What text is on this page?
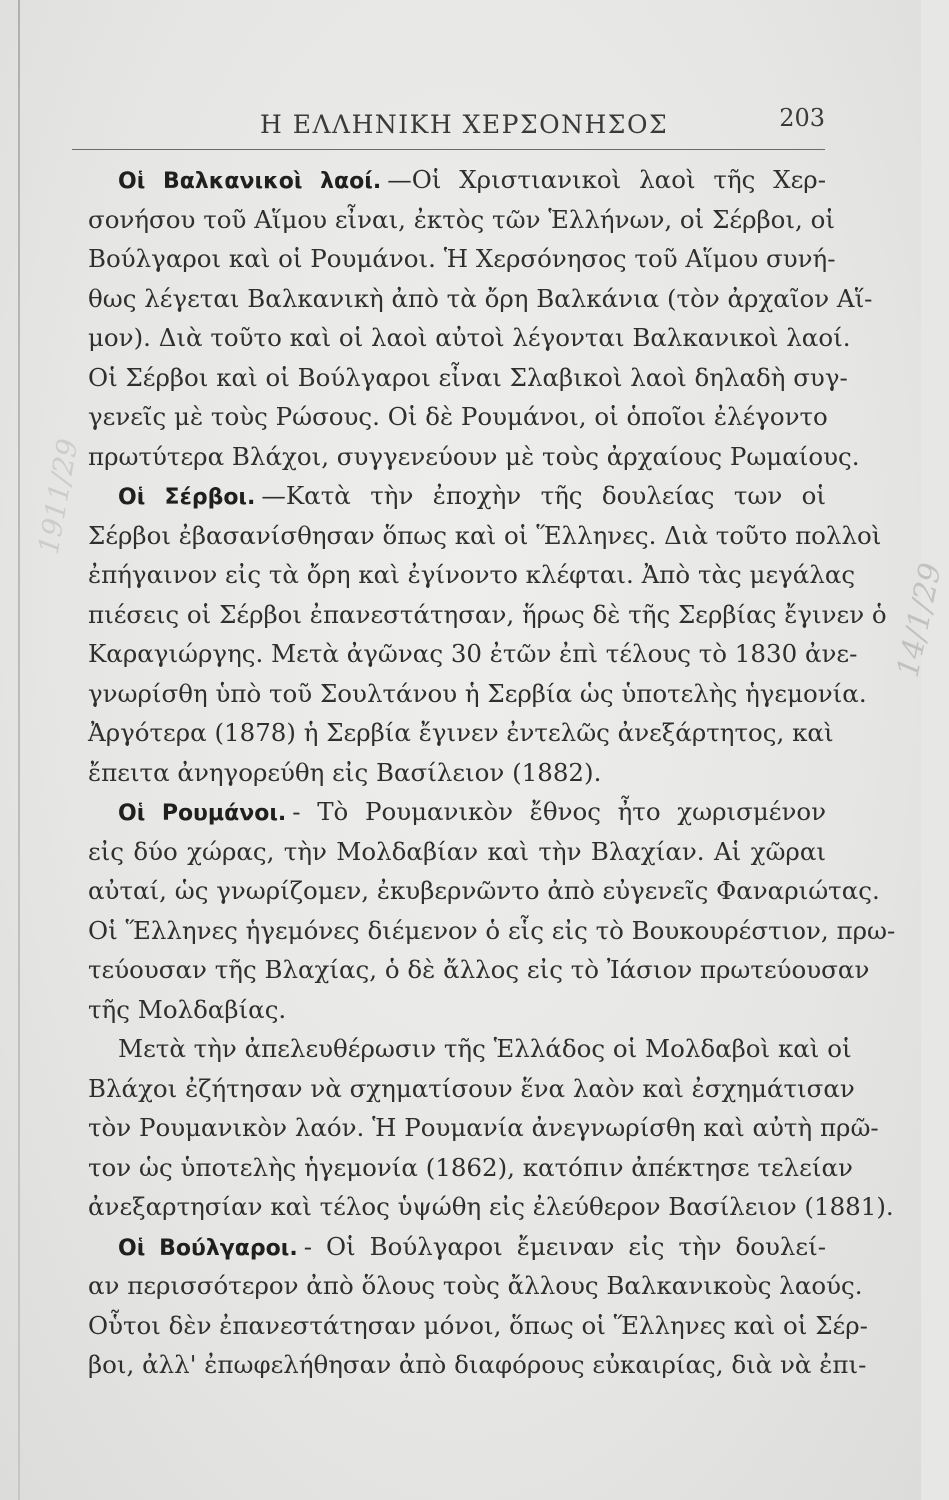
Η ΕΛΛΗΝΙΚΗ ΧΕΡΣΟΝΗΣΟΣ	203
14/1/29
1911/29
Οἱ Βαλκανικοὶ λαοί. —Οἱ Χριστιανικοὶ λαοὶ τῆς Χερ-
σονήσου τοῦ Αἵμου εἶναι, ἐκτὸς τῶν Ἑλλήνων, οἱ Σέρβοι, οἱ
Βούλγαροι καὶ οἱ Ρουμάνοι. Ἡ Χερσόνησος τοῦ Αἵμου συνή-
θως λέγεται Βαλκανικὴ ἀπὸ τὰ ὄρη Βαλκάνια (τὸν ἀρχαῖον Αἵ-
μον). Διὰ τοῦτο καὶ οἱ λαοὶ αὐτοὶ λέγονται Βαλκανικοὶ λαοί.
Οἱ Σέρβοι καὶ οἱ Βούλγαροι εἶναι Σλαβικοὶ λαοὶ δηλαδὴ συγ-
γενεῖς μὲ τοὺς Ρώσους. Οἱ δὲ Ρουμάνοι, οἱ ὁποῖοι ἐλέγοντο
πρωτύτερα Βλάχοι, συγγενεύουν μὲ τοὺς ἀρχαίους Ρωμαίους.
Οἱ Σέρβοι. —Κατὰ τὴν ἐποχὴν τῆς δουλείας των οἱ
Σέρβοι ἐβασανίσθησαν ὅπως καὶ οἱ Ἕλληνες. Διὰ τοῦτο πολλοὶ
ἐπήγαινον εἰς τὰ ὄρη καὶ ἐγίνοντο κλέφται. Ἀπὸ τὰς μεγάλας
πιέσεις οἱ Σέρβοι ἐπανεστάτησαν, ἥρως δὲ τῆς Σερβίας ἔγινεν ὁ
Καραγιώργης. Μετὰ ἀγῶνας 30 ἐτῶν ἐπὶ τέλους τὸ 1830 ἀνε-
γνωρίσθη ὑπὸ τοῦ Σουλτάνου ἡ Σερβία ὡς ὑποτελὴς ἡγεμονία.
Ἀργότερα (1878) ἡ Σερβία ἔγινεν ἐντελῶς ἀνεξάρτητος, καὶ
ἔπειτα ἀνηγορεύθη εἰς Βασίλειον (1882).
Οἱ Ρουμάνοι. - Τὸ Ρουμανικὸν ἔθνος ἦτο χωρισμένον
εἰς δύο χώρας, τὴν Μολδαβίαν καὶ τὴν Βλαχίαν. Αἱ χῶραι
αὐταί, ὡς γνωρίζομεν, ἐκυβερνῶντο ἀπὸ εὐγενεῖς Φαναριώτας.
Οἱ Ἕλληνες ἡγεμόνες διέμενον ὁ εἷς εἰς τὸ Βουκουρέστιον, πρω-
τεύουσαν τῆς Βλαχίας, ὁ δὲ ἄλλος εἰς τὸ Ἰάσιον πρωτεύουσαν
τῆς Μολδαβίας.
Μετὰ τὴν ἀπελευθέρωσιν τῆς Ἑλλάδος οἱ Μολδαβοὶ καὶ οἱ
Βλάχοι ἐζήτησαν νὰ σχηματίσουν ἕνα λαὸν καὶ ἐσχημάτισαν
τὸν Ρουμανικὸν λαόν. Ἡ Ρουμανία ἀνεγνωρίσθη καὶ αὐτὴ πρῶ-
τον ὡς ὑποτελὴς ἡγεμονία (1862), κατόπιν ἀπέκτησε τελείαν
ἀνεξαρτησίαν καὶ τέλος ὑψώθη εἰς ἐλεύθερον Βασίλειον (1881).
Οἱ Βούλγαροι. - Οἱ Βούλγαροι ἔμειναν εἰς τὴν δουλεί-
αν περισσότερον ἀπὸ ὅλους τοὺς ἄλλους Βαλκανικοὺς λαούς.
Οὗτοι δὲν ἐπανεστάτησαν μόνοι, ὅπως οἱ Ἕλληνες καὶ οἱ Σέρ-
βοι, ἀλλ' ἐπωφελήθησαν ἀπὸ διαφόρους εὐκαιρίας, διὰ νὰ ἐπι-
